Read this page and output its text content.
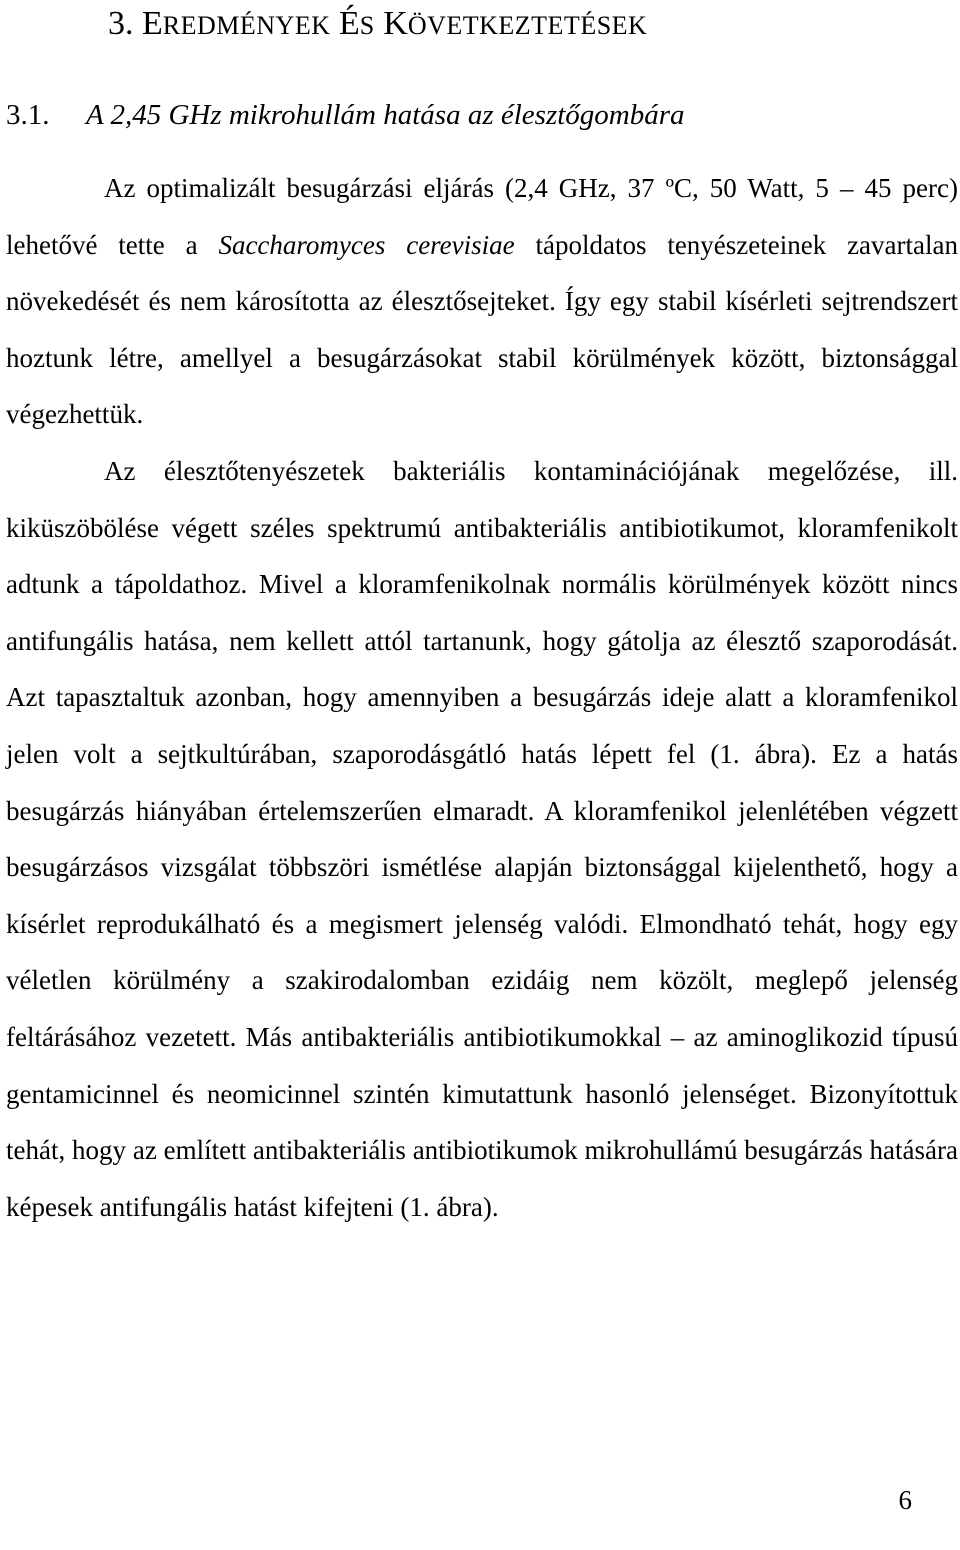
3. EREDMÉNYEK ÉS KÖVETKEZTETÉSEK
3.1. A 2,45 GHz mikrohullám hatása az élesztőgombára

Az optimalizált besugárzási eljárás (2,4 GHz, 37 ºC, 50 Watt, 5 – 45 perc) lehetővé tette a Saccharomyces cerevisiae tápoldatos tenyészeteinek zavartalan növekedését és nem károsította az élesztősejteket. Így egy stabil kísérleti sejtrendszert hoztunk létre, amellyel a besugárzásokat stabil körülmények között, biztonsággal végezhettük.

Az élesztőtenyészetek bakteriális kontaminációjának megelőzése, ill. kiküszöbölése végett széles spektrumú antibakteriális antibiotikumot, kloramfenikolt adtunk a tápoldathoz. Mivel a kloramfenikolnak normális körülmények között nincs antifungális hatása, nem kellett attól tartanunk, hogy gátolja az élesztő szaporodását. Azt tapasztaltuk azonban, hogy amennyiben a besugárzás ideje alatt a kloramfenikol jelen volt a sejtkultúrában, szaporodásgátló hatás lépett fel (1. ábra). Ez a hatás besugárzás hiányában értelemszerűen elmaradt. A kloramfenikol jelenlétében végzett besugárzásos vizsgálat többszöri ismétlése alapján biztonsággal kijelenthető, hogy a kísérlet reprodukálható és a megismert jelenség valódi. Elmondható tehát, hogy egy véletlen körülmény a szakirodalomban ezidáig nem közölt, meglepő jelenség feltárásához vezetett. Más antibakteriális antibiotikumokkal – az aminoglikozid típusú gentamicinnel és neomicinnel szintén kimutattunk hasonló jelenséget. Bizonyítottuk tehát, hogy az említett antibakteriális antibiotikumok mikrohullámú besugárzás hatására képesek antifungális hatást kifejteni (1. ábra).

6
